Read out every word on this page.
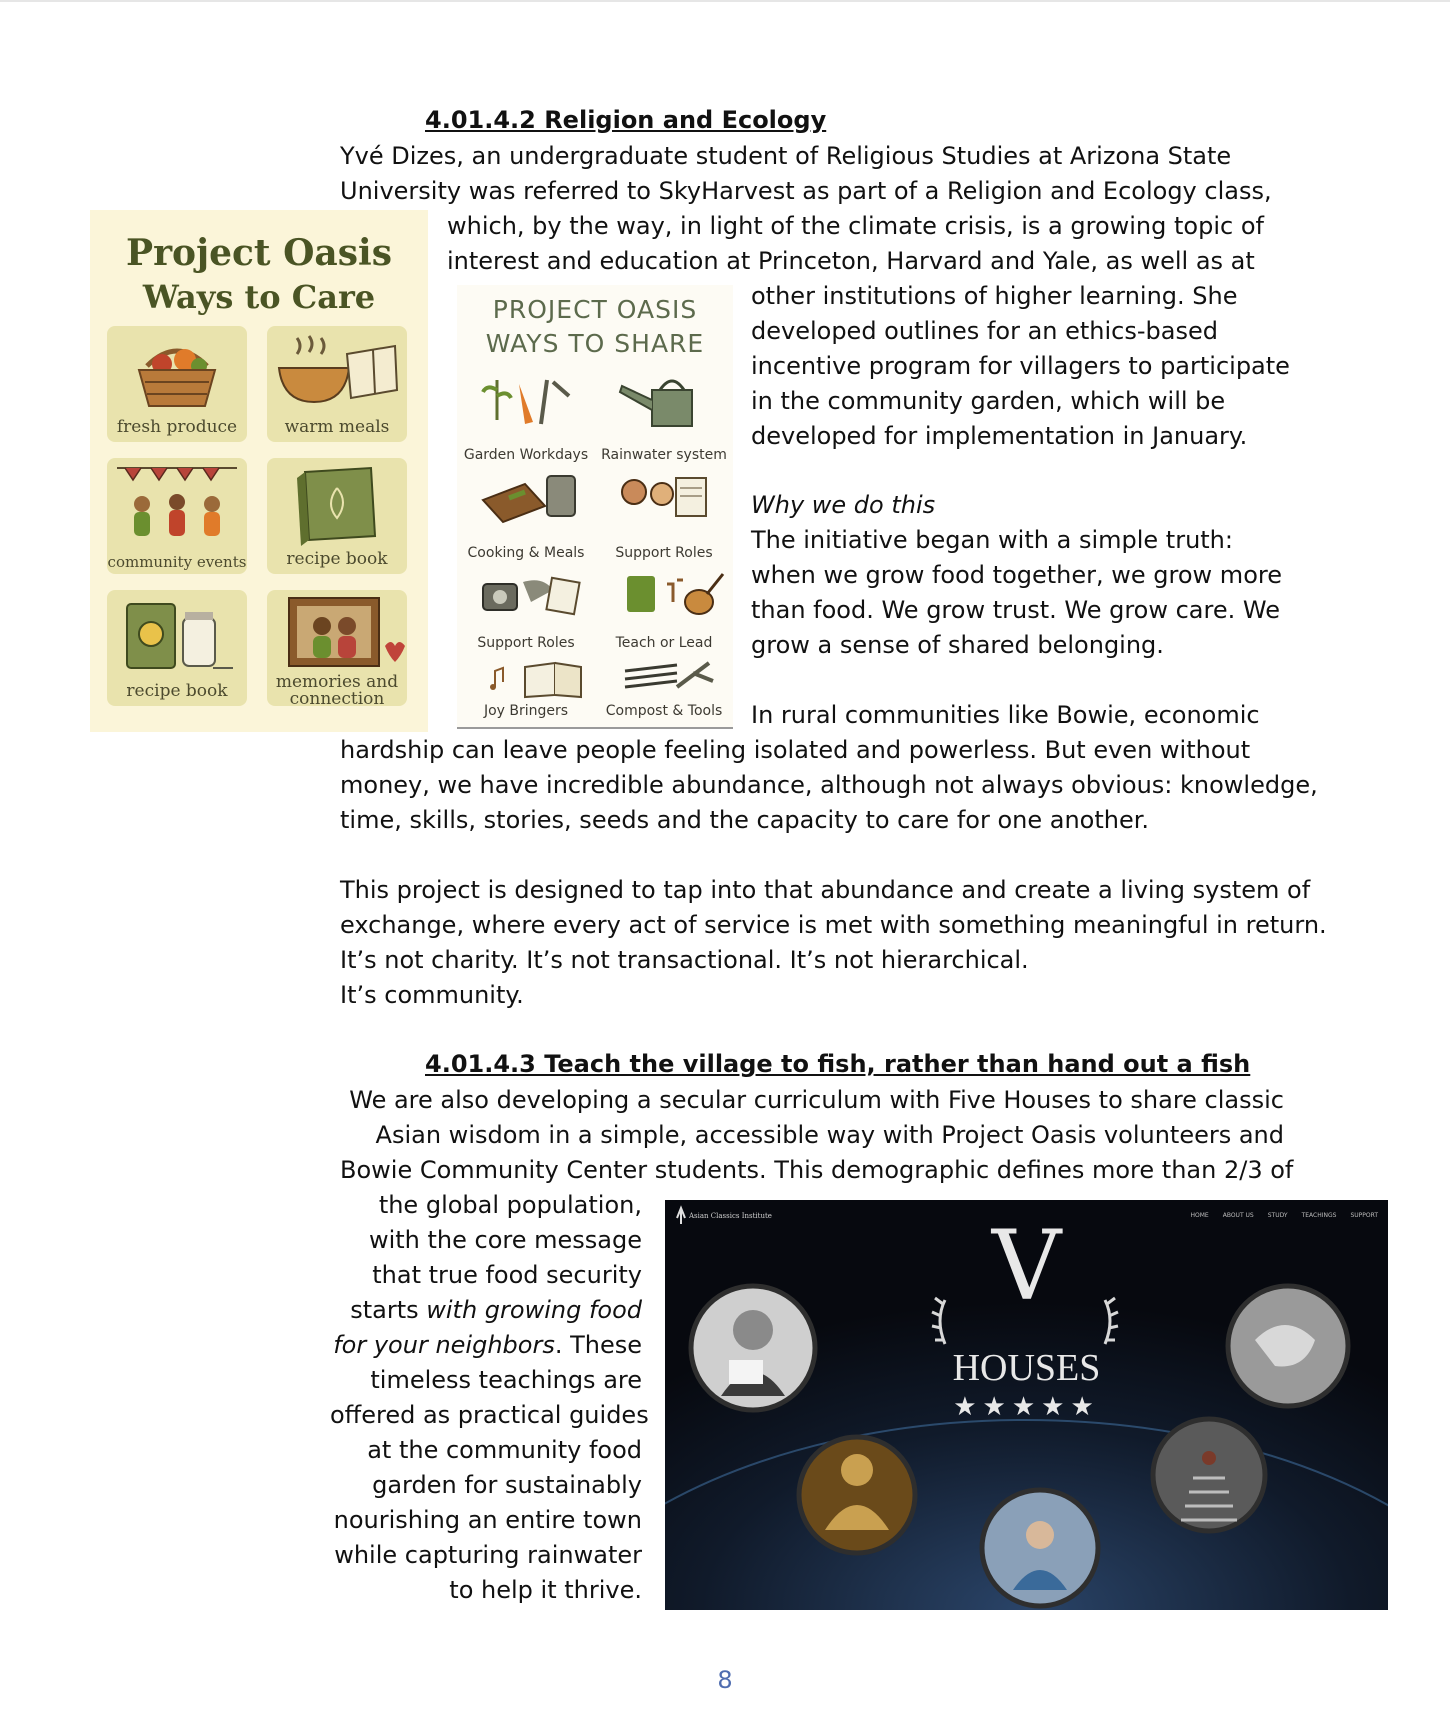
4.01.4.2 Religion and Ecology
Yvé Dizes, an undergraduate student of Religious Studies at Arizona State
University was referred to SkyHarvest as part of a Religion and Ecology class,
which, by the way, in light of the climate crisis, is a growing topic of
interest and education at Princeton, Harvard and Yale, as well as at
other institutions of higher learning. She
developed outlines for an ethics-based
incentive program for villagers to participate
in the community garden, which will be
developed for implementation in January.
Why we do this
The initiative began with a simple truth:
when we grow food together, we grow more
than food. We grow trust. We grow care. We
grow a sense of shared belonging.
In rural communities like Bowie, economic
hardship can leave people feeling isolated and powerless. But even without
money, we have incredible abundance, although not always obvious: knowledge,
time, skills, stories, seeds and the capacity to care for one another.
This project is designed to tap into that abundance and create a living system of
exchange, where every act of service is met with something meaningful in return.
It’s not charity. It’s not transactional. It’s not hierarchical.
It’s community.
4.01.4.3 Teach the village to fish, rather than hand out a fish
We are also developing a secular curriculum with Five Houses to share classic
Asian wisdom in a simple, accessible way with Project Oasis volunteers and
Bowie Community Center students. This demographic defines more than 2/3 of
the global population,
with the core message
that true food security
starts with growing food
for your neighbors. These
timeless teachings are
offered as practical guides
at the community food
garden for sustainably
nourishing an entire town
while capturing rainwater
to help it thrive.
Project Oasis
Ways to Care
fresh produce	warm meals
community events	recipe book
recipe book	memories and connection
PROJECT OASIS
WAYS TO SHARE
Garden Workdays Rainwater system
Cooking & Meals	Support Roles
Support Roles	Teach or Lead
Joy Bringers	Compost & Tools
Asian Classics Institute	HOME ABOUT US STUDY TEACHINGS SUPPORT
V
HOUSES
★★★★★
8
